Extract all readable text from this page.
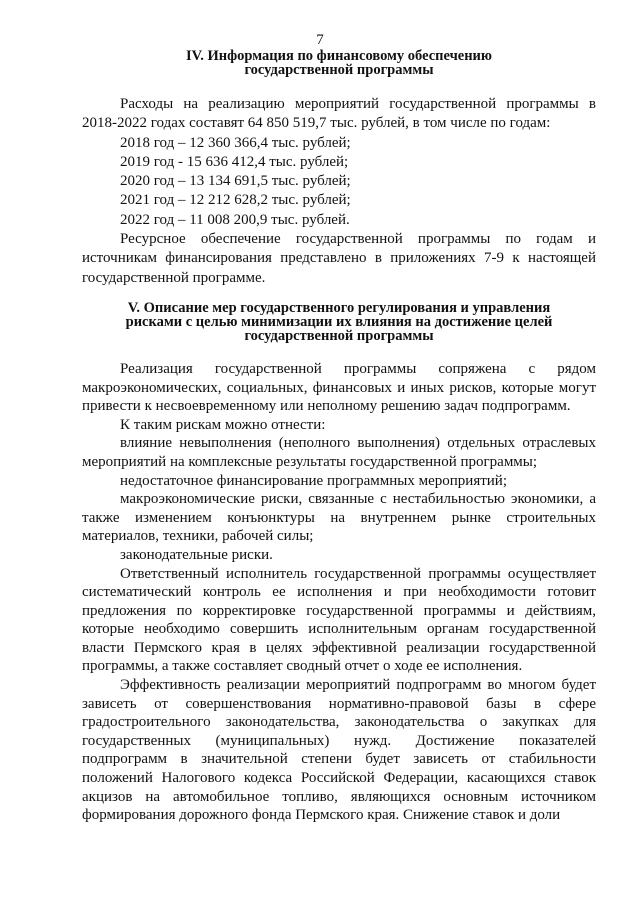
7
IV. Информация по финансовому обеспечению
государственной программы

Расходы на реализацию мероприятий государственной программы в 2018-2022 годах составят 64 850 519,7 тыс. рублей, в том числе по годам:

2018 год – 12 360 366,4 тыс. рублей;

2019 год - 15 636 412,4 тыс. рублей;

2020 год – 13 134 691,5 тыс. рублей;

2021 год – 12 212 628,2 тыс. рублей;

2022 год – 11 008 200,9 тыс. рублей.

Ресурсное обеспечение государственной программы по годам и источникам финансирования представлено в приложениях 7-9 к настоящей государственной программе.

V. Описание мер государственного регулирования и управления
рисками с целью минимизации их влияния на достижение целей
государственной программы

Реализация государственной программы сопряжена с рядом макроэкономических, социальных, финансовых и иных рисков, которые могут привести к несвоевременному или неполному решению задач подпрограмм.

К таким рискам можно отнести:

влияние невыполнения (неполного выполнения) отдельных отраслевых мероприятий на комплексные результаты государственной программы;

недостаточное финансирование программных мероприятий;

макроэкономические риски, связанные с нестабильностью экономики, а также изменением конъюнктуры на внутреннем рынке строительных материалов, техники, рабочей силы;

законодательные риски.

Ответственный исполнитель государственной программы осуществляет систематический контроль ее исполнения и при необходимости готовит предложения по корректировке государственной программы и действиям, которые необходимо совершить исполнительным органам государственной власти Пермского края в целях эффективной реализации государственной программы, а также составляет сводный отчет о ходе ее исполнения.

Эффективность реализации мероприятий подпрограмм во многом будет зависеть от совершенствования нормативно-правовой базы в сфере градостроительного законодательства, законодательства о закупках для государственных (муниципальных) нужд. Достижение показателей подпрограмм в значительной степени будет зависеть от стабильности положений Налогового кодекса Российской Федерации, касающихся ставок акцизов на автомобильное топливо, являющихся основным источником формирования дорожного фонда Пермского края. Снижение ставок и доли
